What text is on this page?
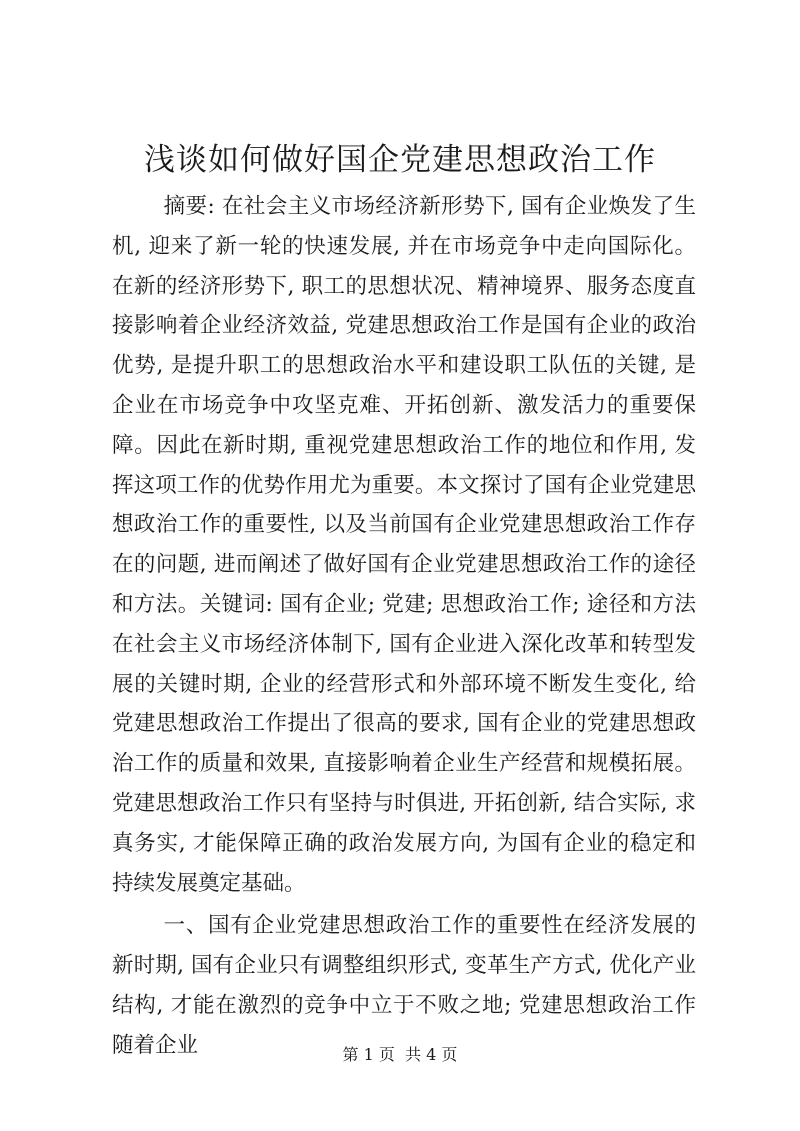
浅谈如何做好国企党建思想政治工作

摘要: 在社会主义市场经济新形势下, 国有企业焕发了生机, 迎来了新一轮的快速发展, 并在市场竞争中走向国际化。在新的经济形势下, 职工的思想状况、精神境界、服务态度直接影响着企业经济效益, 党建思想政治工作是国有企业的政治优势, 是提升职工的思想政治水平和建设职工队伍的关键, 是企业在市场竞争中攻坚克难、开拓创新、激发活力的重要保障。因此在新时期, 重视党建思想政治工作的地位和作用, 发挥这项工作的优势作用尤为重要。本文探讨了国有企业党建思想政治工作的重要性, 以及当前国有企业党建思想政治工作存在的问题, 进而阐述了做好国有企业党建思想政治工作的途径和方法。关键词: 国有企业; 党建; 思想政治工作; 途径和方法在社会主义市场经济体制下, 国有企业进入深化改革和转型发展的关键时期, 企业的经营形式和外部环境不断发生变化, 给党建思想政治工作提出了很高的要求, 国有企业的党建思想政治工作的质量和效果, 直接影响着企业生产经营和规模拓展。党建思想政治工作只有坚持与时俱进, 开拓创新, 结合实际, 求真务实, 才能保障正确的政治发展方向, 为国有企业的稳定和持续发展奠定基础。

一、国有企业党建思想政治工作的重要性在经济发展的新时期, 国有企业只有调整组织形式, 变革生产方式, 优化产业结构, 才能在激烈的竞争中立于不败之地; 党建思想政治工作随着企业	第 1 页  共 4 页
